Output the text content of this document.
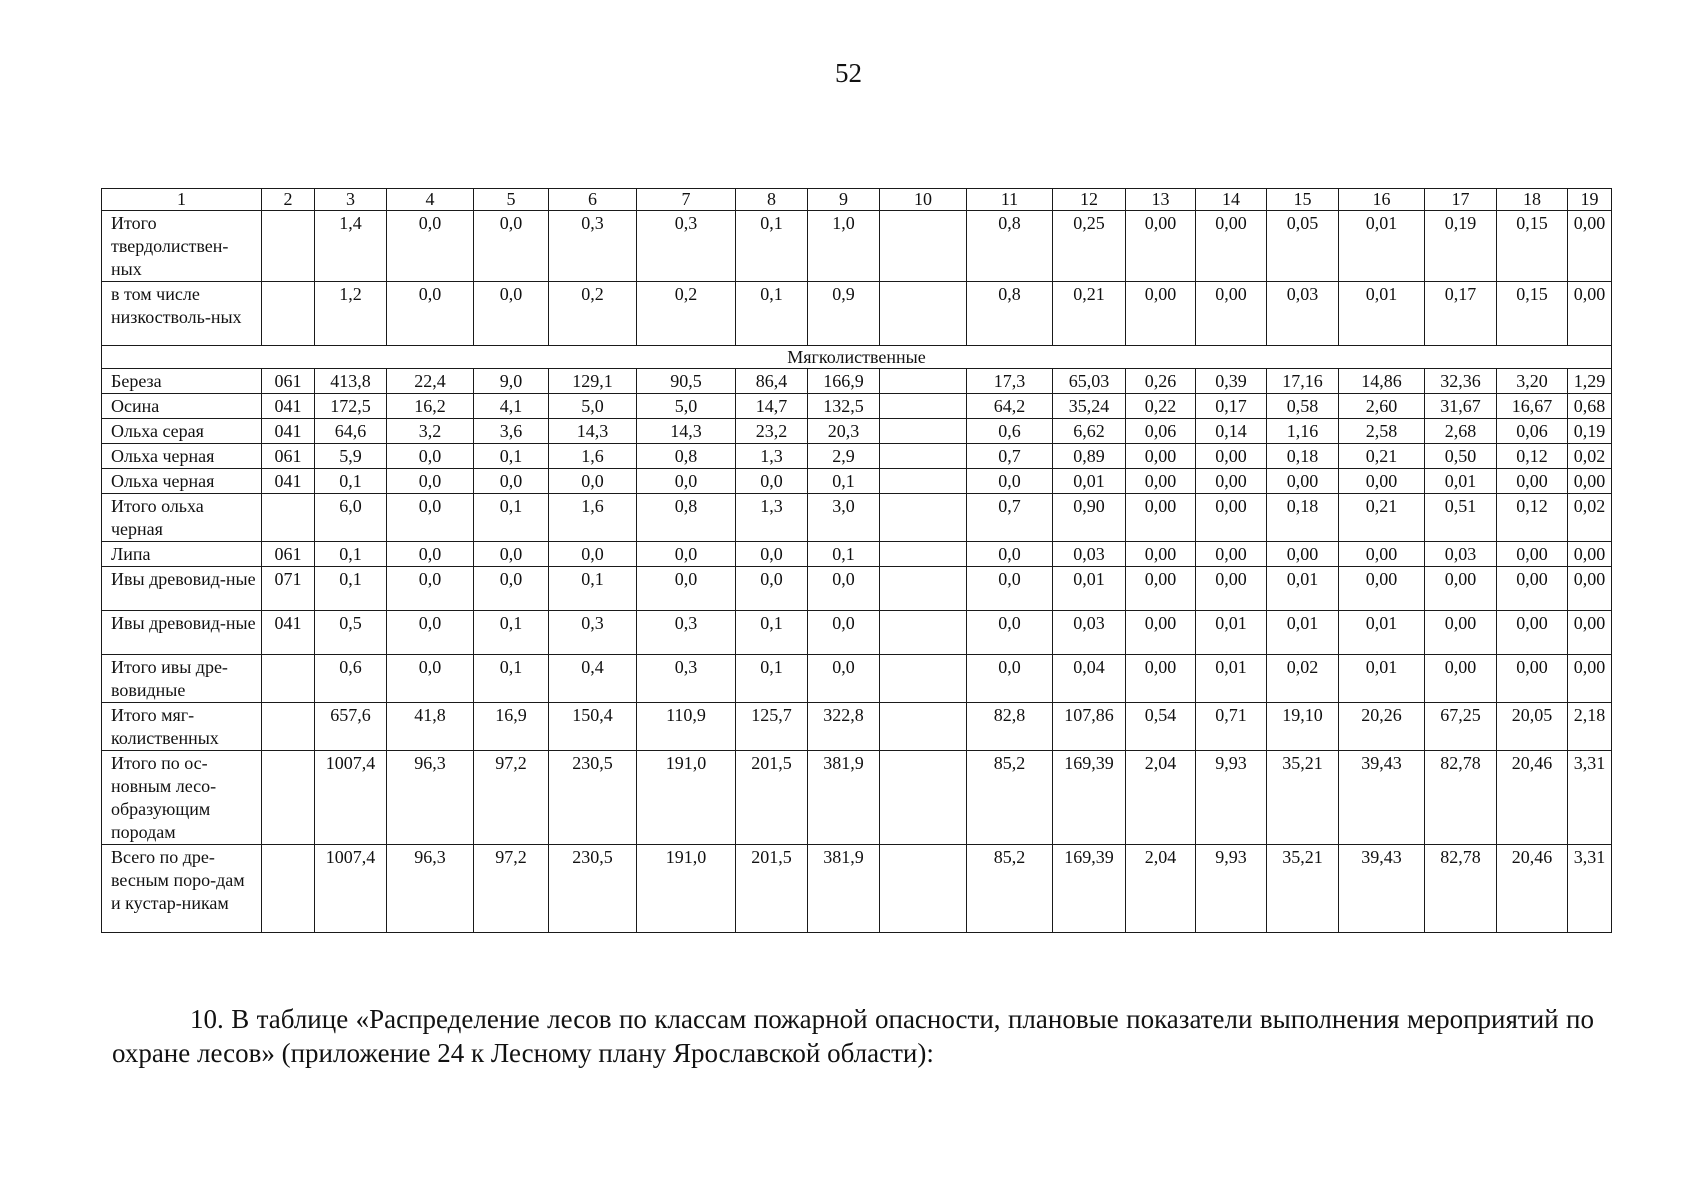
52
1	2	3	4	5	6	7	8	9	10	11	12	13	14	15	16	17	18	19
Итого твердолиствен-ных		1,4	0,0	0,0	0,3	0,3	0,1	1,0		0,8	0,25	0,00	0,00	0,05	0,01	0,19	0,15	0,00
в том числе низкостволь-ных		1,2	0,0	0,0	0,2	0,2	0,1	0,9		0,8	0,21	0,00	0,00	0,03	0,01	0,17	0,15	0,00
Мягколиственные																		
Береза	061	413,8	22,4	9,0	129,1	90,5	86,4	166,9		17,3	65,03	0,26	0,39	17,16	14,86	32,36	3,20	1,29
Осина	041	172,5	16,2	4,1	5,0	5,0	14,7	132,5		64,2	35,24	0,22	0,17	0,58	2,60	31,67	16,67	0,68
Ольха серая	041	64,6	3,2	3,6	14,3	14,3	23,2	20,3		0,6	6,62	0,06	0,14	1,16	2,58	2,68	0,06	0,19
Ольха черная	061	5,9	0,0	0,1	1,6	0,8	1,3	2,9		0,7	0,89	0,00	0,00	0,18	0,21	0,50	0,12	0,02
Ольха черная	041	0,1	0,0	0,0	0,0	0,0	0,0	0,1		0,0	0,01	0,00	0,00	0,00	0,00	0,01	0,00	0,00
Итого ольха черная		6,0	0,0	0,1	1,6	0,8	1,3	3,0		0,7	0,90	0,00	0,00	0,18	0,21	0,51	0,12	0,02
Липа	061	0,1	0,0	0,0	0,0	0,0	0,0	0,1		0,0	0,03	0,00	0,00	0,00	0,00	0,03	0,00	0,00
Ивы древовид-ные	071	0,1	0,0	0,0	0,1	0,0	0,0	0,0		0,0	0,01	0,00	0,00	0,01	0,00	0,00	0,00	0,00
Ивы древовид-ные	041	0,5	0,0	0,1	0,3	0,3	0,1	0,0		0,0	0,03	0,00	0,01	0,01	0,01	0,00	0,00	0,00
Итого ивы дре-вовидные		0,6	0,0	0,1	0,4	0,3	0,1	0,0		0,0	0,04	0,00	0,01	0,02	0,01	0,00	0,00	0,00
Итого мяг-колиственных		657,6	41,8	16,9	150,4	110,9	125,7	322,8		82,8	107,86	0,54	0,71	19,10	20,26	67,25	20,05	2,18
Итого по ос-новным лесо-образующим породам		1007,4	96,3	97,2	230,5	191,0	201,5	381,9		85,2	169,39	2,04	9,93	35,21	39,43	82,78	20,46	3,31
Всего по дре-весным поро-дам и кустар-никам		1007,4	96,3	97,2	230,5	191,0	201,5	381,9		85,2	169,39	2,04	9,93	35,21	39,43	82,78	20,46	3,31
10. В таблице «Распределение лесов по классам пожарной опасности, плановые показатели выполнения мероприятий по охране лесов» (приложение 24 к Лесному плану Ярославской области):
